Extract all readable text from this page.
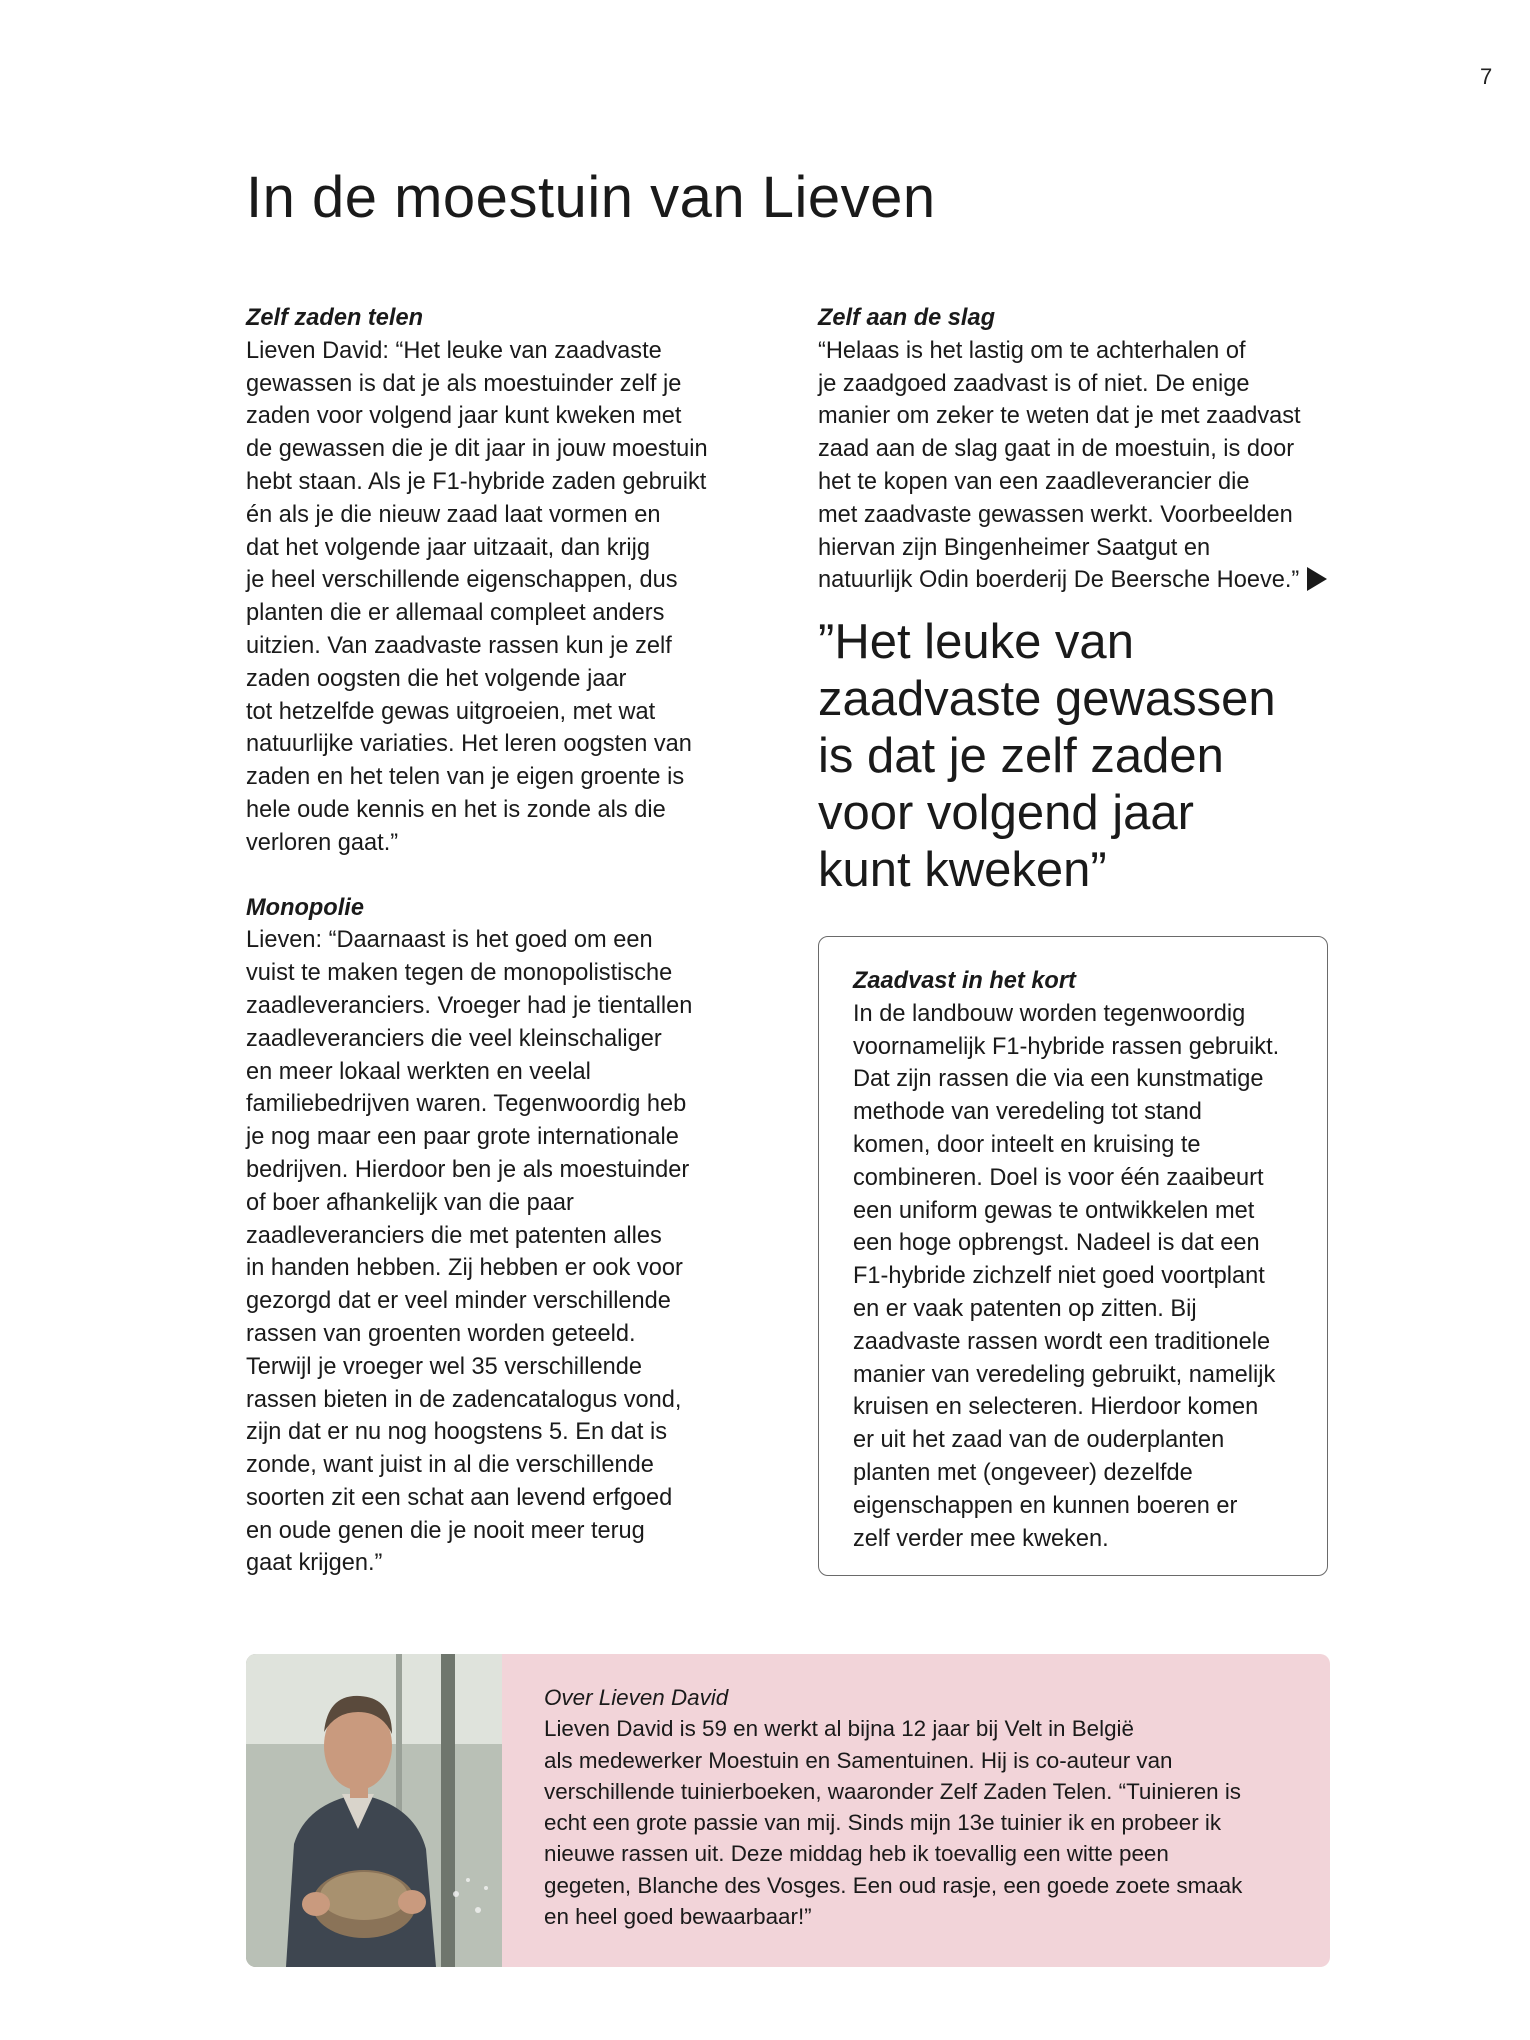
7
In de moestuin van Lieven

Zelf zaden telen

Lieven David: “Het leuke van zaadvaste
gewassen is dat je als moestuinder zelf je
zaden voor volgend jaar kunt kweken met
de gewassen die je dit jaar in jouw moestuin
hebt staan. Als je F1-hybride zaden gebruikt
én als je die nieuw zaad laat vormen en
dat het volgende jaar uitzaait, dan krijg
je heel verschillende eigenschappen, dus
planten die er allemaal compleet anders
uitzien. Van zaadvaste rassen kun je zelf
zaden oogsten die het volgende jaar
tot hetzelfde gewas uitgroeien, met wat
natuurlijke variaties. Het leren oogsten van
zaden en het telen van je eigen groente is
hele oude kennis en het is zonde als die
verloren gaat.”

Monopolie

Lieven: “Daarnaast is het goed om een
vuist te maken tegen de monopolistische
zaadleveranciers. Vroeger had je tientallen
zaadleveranciers die veel kleinschaliger
en meer lokaal werkten en veelal
familiebedrijven waren. Tegenwoordig heb
je nog maar een paar grote internationale
bedrijven. Hierdoor ben je als moestuinder
of boer afhankelijk van die paar
zaadleveranciers die met patenten alles
in handen hebben. Zij hebben er ook voor
gezorgd dat er veel minder verschillende
rassen van groenten worden geteeld.
Terwijl je vroeger wel 35 verschillende
rassen bieten in de zadencatalogus vond,
zijn dat er nu nog hoogstens 5. En dat is
zonde, want juist in al die verschillende
soorten zit een schat aan levend erfgoed
en oude genen die je nooit meer terug
gaat krijgen.”

Zelf aan de slag

“Helaas is het lastig om te achterhalen of
je zaadgoed zaadvast is of niet. De enige
manier om zeker te weten dat je met zaadvast
zaad aan de slag gaat in de moestuin, is door
het te kopen van een zaadleverancier die
met zaadvaste gewassen werkt. Voorbeelden
hiervan zijn Bingenheimer Saatgut en
natuurlijk Odin boerderij De Beersche Hoeve.”

”Het leuke van
zaadvaste gewassen
is dat je zelf zaden
voor volgend jaar
kunt kweken”

Zaadvast in het kort

In de landbouw worden tegenwoordig
voornamelijk F1-hybride rassen gebruikt.
Dat zijn rassen die via een kunstmatige
methode van veredeling tot stand
komen, door inteelt en kruising te
combineren. Doel is voor één zaaibeurt
een uniform gewas te ontwikkelen met
een hoge opbrengst. Nadeel is dat een
F1-hybride zichzelf niet goed voortplant
en er vaak patenten op zitten. Bij
zaadvaste rassen wordt een traditionele
manier van veredeling gebruikt, namelijk
kruisen en selecteren. Hierdoor komen
er uit het zaad van de ouderplanten
planten met (ongeveer) dezelfde
eigenschappen en kunnen boeren er
zelf verder mee kweken.

Over Lieven David

Lieven David is 59 en werkt al bijna 12 jaar bij Velt in België
als medewerker Moestuin en Samentuinen. Hij is co-auteur van
verschillende tuinierboeken, waaronder Zelf Zaden Telen. “Tuinieren is
echt een grote passie van mij. Sinds mijn 13e tuinier ik en probeer ik
nieuwe rassen uit. Deze middag heb ik toevallig een witte peen
gegeten, Blanche des Vosges. Een oud rasje, een goede zoete smaak
en heel goed bewaarbaar!”
